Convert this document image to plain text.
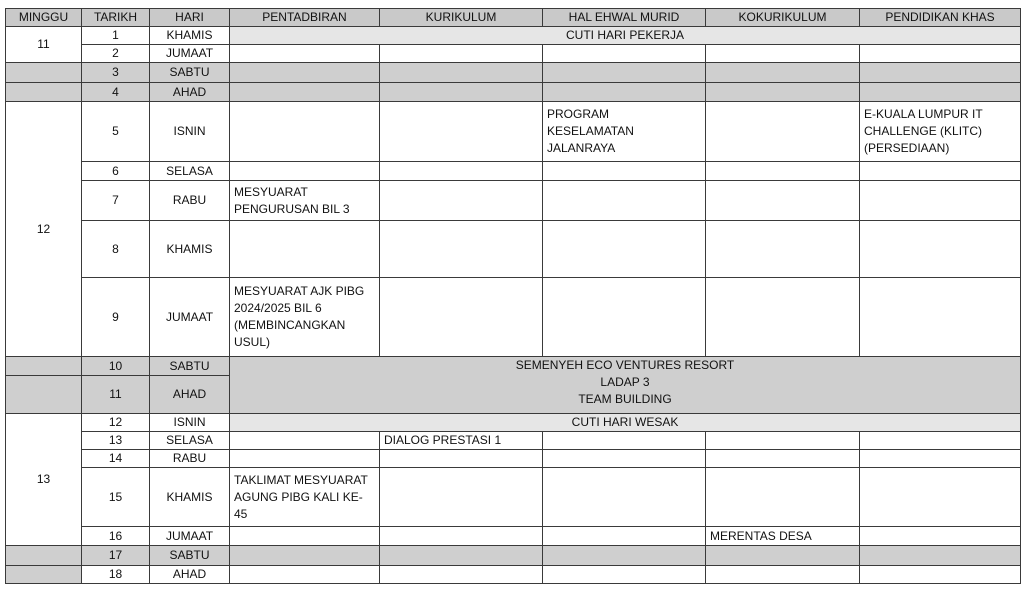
MINGGU	TARIKH	HARI	PENTADBIRAN	KURIKULUM	HAL EHWAL MURID	KOKURIKULUM	PENDIDIKAN KHAS
11	1	KHAMIS	CUTI HARI PEKERJA				
	2	JUMAAT					
	3	SABTU					
	4	AHAD					
12	5	ISNIN			PROGRAM KESELAMATAN JALANRAYA		E-KUALA LUMPUR IT CHALLENGE (KLITC) (PERSEDIAAN)
	6	SELASA					
	7	RABU	MESYUARAT PENGURUSAN BIL 3				
	8	KHAMIS					
	9	JUMAAT	MESYUARAT AJK PIBG 2024/2025 BIL 6 (MEMBINCANGKAN USUL)				
	10	SABTU	SEMENYEH ECO VENTURES RESORT
LADAP 3
TEAM BUILDING				

	11	AHAD					
13	12	ISNIN	CUTI HARI WESAK				
	13	SELASA		DIALOG PRESTASI 1			
	14	RABU					
	15	KHAMIS	TAKLIMAT MESYUARAT AGUNG PIBG KALI KE-45				
	16	JUMAAT				MERENTAS DESA	
	17	SABTU					
	18	AHAD					
